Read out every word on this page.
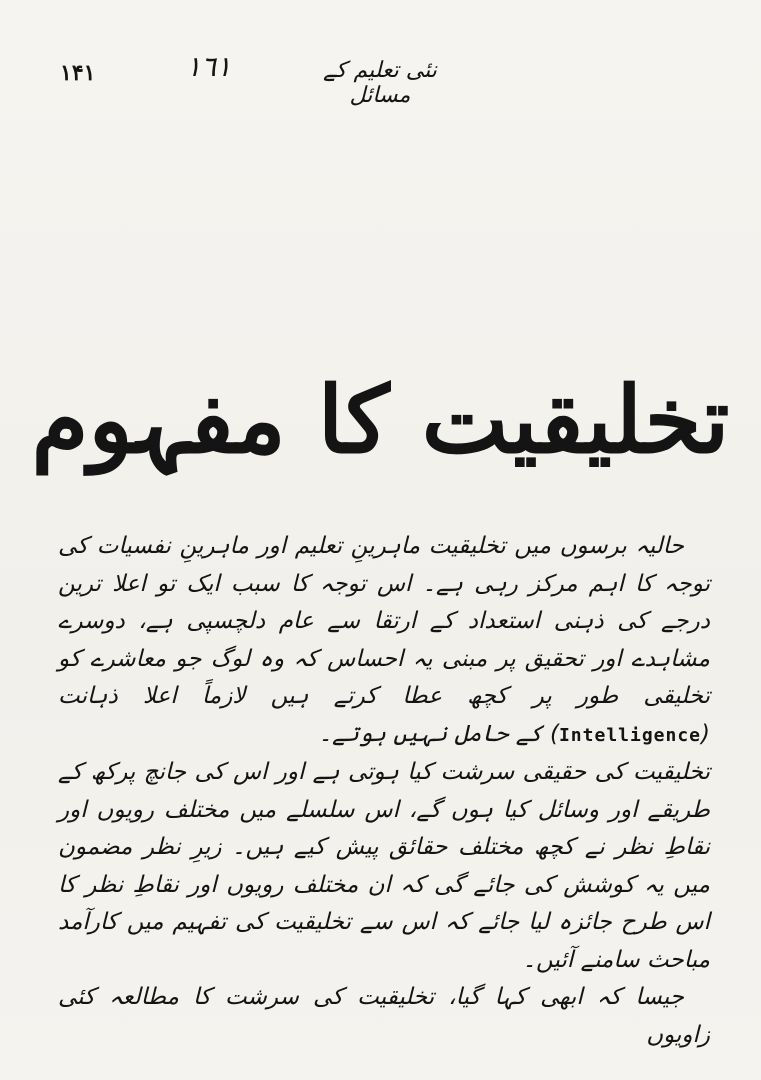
۱۴۱	١٦١	نئی تعلیم کے مسائل
تخلیقیت کا مفہوم

حالیہ برسوں میں تخلیقیت ماہرینِ تعلیم اور ماہرینِ نفسیات کی توجہ کا اہم مرکز رہی ہے۔ اس توجہ کا سبب ایک تو اعلا ترین درجے کی ذہنی استعداد کے ارتقا سے عام دلچسپی ہے، دوسرے مشاہدے اور تحقیق پر مبنی یہ احساس کہ وہ لوگ جو معاشرے کو تخلیقی طور پر کچھ عطا کرتے ہیں لازماً اعلا ذہانت (Intelligence) کے حامل نہیں ہوتے۔

تخلیقیت کی حقیقی سرشت کیا ہوتی ہے اور اس کی جانچ پرکھ کے طریقے اور وسائل کیا ہوں گے، اس سلسلے میں مختلف رویوں اور نقاطِ نظر نے کچھ مختلف حقائق پیش کیے ہیں۔ زیرِ نظر مضمون میں یہ کوشش کی جائے گی کہ ان مختلف رویوں اور نقاطِ نظر کا اس طرح جائزہ لیا جائے کہ اس سے تخلیقیت کی تفہیم میں کارآمد مباحث سامنے آئیں۔

جیسا کہ ابھی کہا گیا، تخلیقیت کی سرشت کا مطالعہ کئی زاویوں
